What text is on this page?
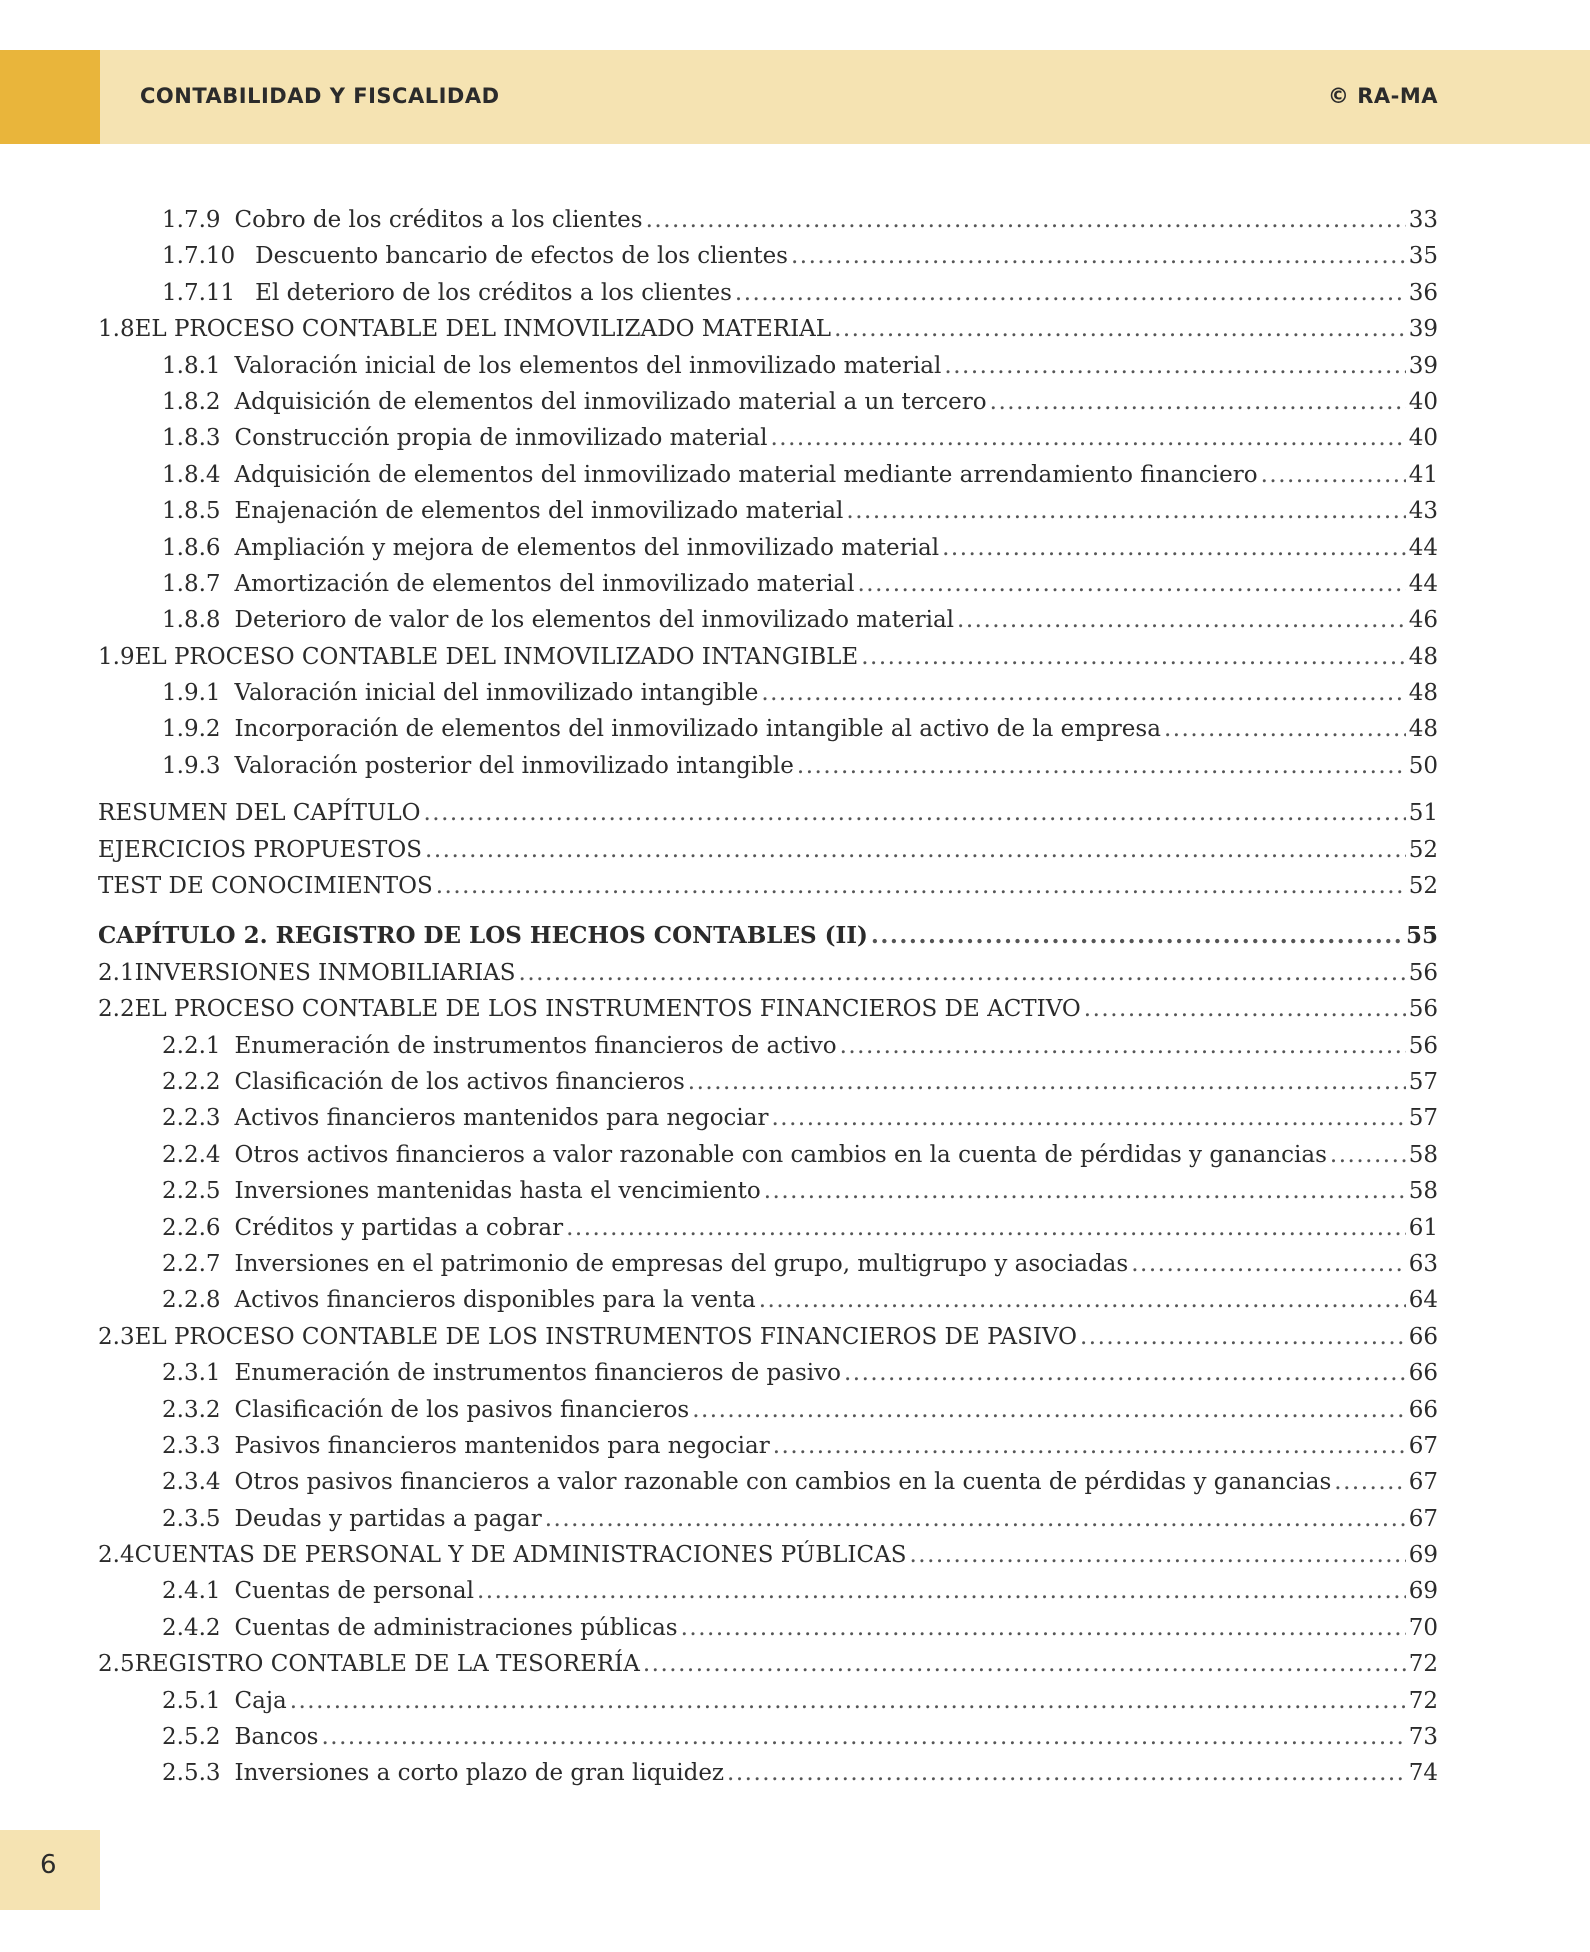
CONTABILIDAD Y FISCALIDAD	© RA-MA
1.7.9 Cobro de los créditos a los clientes .....	33
1.7.10 Descuento bancario de efectos de los clientes .....	35
1.7.11 El deterioro de los créditos a los clientes .....	36
1.8 EL PROCESO CONTABLE DEL INMOVILIZADO MATERIAL .....	39
1.8.1 Valoración inicial de los elementos del inmovilizado material .....	39
1.8.2 Adquisición de elementos del inmovilizado material a un tercero .....	40
1.8.3 Construcción propia de inmovilizado material .....	40
1.8.4 Adquisición de elementos del inmovilizado material mediante arrendamiento financiero .....	41
1.8.5 Enajenación de elementos del inmovilizado material .....	43
1.8.6 Ampliación y mejora de elementos del inmovilizado material .....	44
1.8.7 Amortización de elementos del inmovilizado material .....	44
1.8.8 Deterioro de valor de los elementos del inmovilizado material .....	46
1.9 EL PROCESO CONTABLE DEL INMOVILIZADO INTANGIBLE .....	48
1.9.1 Valoración inicial del inmovilizado intangible .....	48
1.9.2 Incorporación de elementos del inmovilizado intangible al activo de la empresa .....	48
1.9.3 Valoración posterior del inmovilizado intangible .....	50
RESUMEN DEL CAPÍTULO .....	51
EJERCICIOS PROPUESTOS .....	52
TEST DE CONOCIMIENTOS .....	52
CAPÍTULO 2. REGISTRO DE LOS HECHOS CONTABLES (II) .....	55
2.1 INVERSIONES INMOBILIARIAS .....	56
2.2 EL PROCESO CONTABLE DE LOS INSTRUMENTOS FINANCIEROS DE ACTIVO .....	56
2.2.1 Enumeración de instrumentos financieros de activo .....	56
2.2.2 Clasificación de los activos financieros .....	57
2.2.3 Activos financieros mantenidos para negociar .....	57
2.2.4 Otros activos financieros a valor razonable con cambios en la cuenta de pérdidas y ganancias .....	58
2.2.5 Inversiones mantenidas hasta el vencimiento .....	58
2.2.6 Créditos y partidas a cobrar .....	61
2.2.7 Inversiones en el patrimonio de empresas del grupo, multigrupo y asociadas .....	63
2.2.8 Activos financieros disponibles para la venta .....	64
2.3 EL PROCESO CONTABLE DE LOS INSTRUMENTOS FINANCIEROS DE PASIVO .....	66
2.3.1 Enumeración de instrumentos financieros de pasivo .....	66
2.3.2 Clasificación de los pasivos financieros .....	66
2.3.3 Pasivos financieros mantenidos para negociar .....	67
2.3.4 Otros pasivos financieros a valor razonable con cambios en la cuenta de pérdidas y ganancias .....	67
2.3.5 Deudas y partidas a pagar .....	67
2.4 CUENTAS DE PERSONAL Y DE ADMINISTRACIONES PÚBLICAS .....	69
2.4.1 Cuentas de personal .....	69
2.4.2 Cuentas de administraciones públicas .....	70
2.5 REGISTRO CONTABLE DE LA TESORERÍA .....	72
2.5.1 Caja .....	72
2.5.2 Bancos .....	73
2.5.3 Inversiones a corto plazo de gran liquidez .....	74
6
